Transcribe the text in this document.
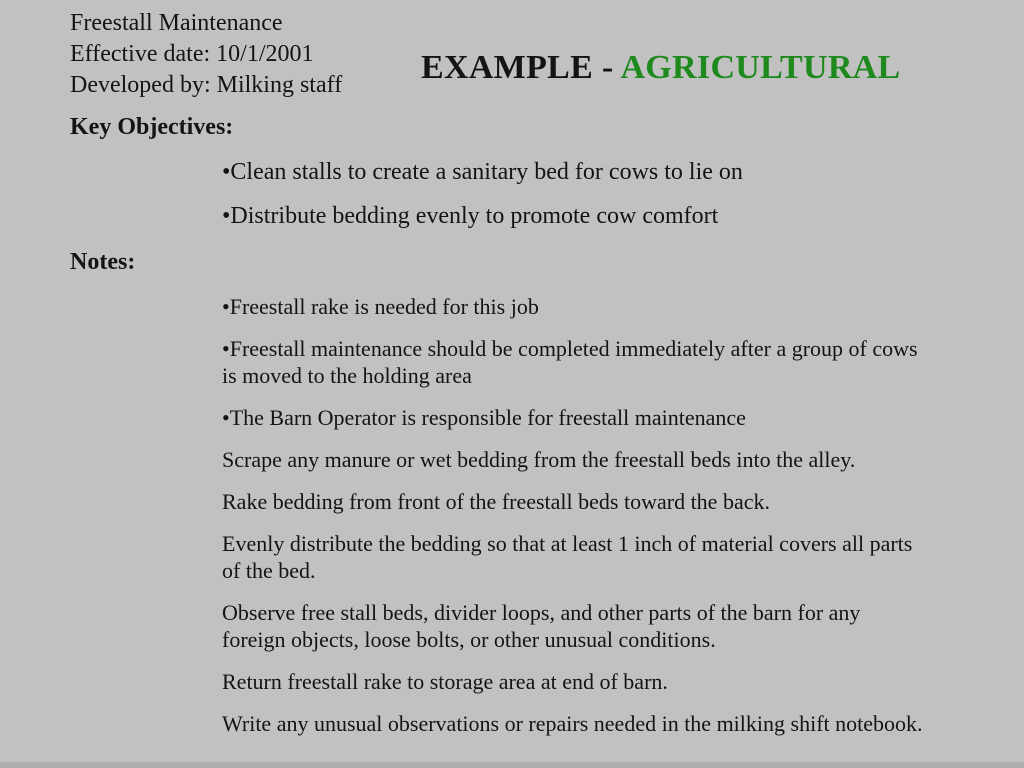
Freestall Maintenance
Effective date: 10/1/2001
Developed by: Milking staff EXAMPLE - AGRICULTURAL
Key Objectives:
•Clean stalls to create a sanitary bed for cows to lie on
•Distribute bedding evenly to promote cow comfort
Notes:
•Freestall rake is needed for this job
•Freestall maintenance should be completed immediately after a group of cows
is moved to the holding area
•The Barn Operator is responsible for freestall maintenance
Scrape any manure or wet bedding from the freestall beds into the alley.
Rake bedding from front of the freestall beds toward the back.
Evenly distribute the bedding so that at least 1 inch of material covers all parts
of the bed.
Observe free stall beds, divider loops, and other parts of the barn for any
foreign objects, loose bolts, or other unusual conditions.
Return freestall rake to storage area at end of barn.
Write any unusual observations or repairs needed in the milking shift notebook.
